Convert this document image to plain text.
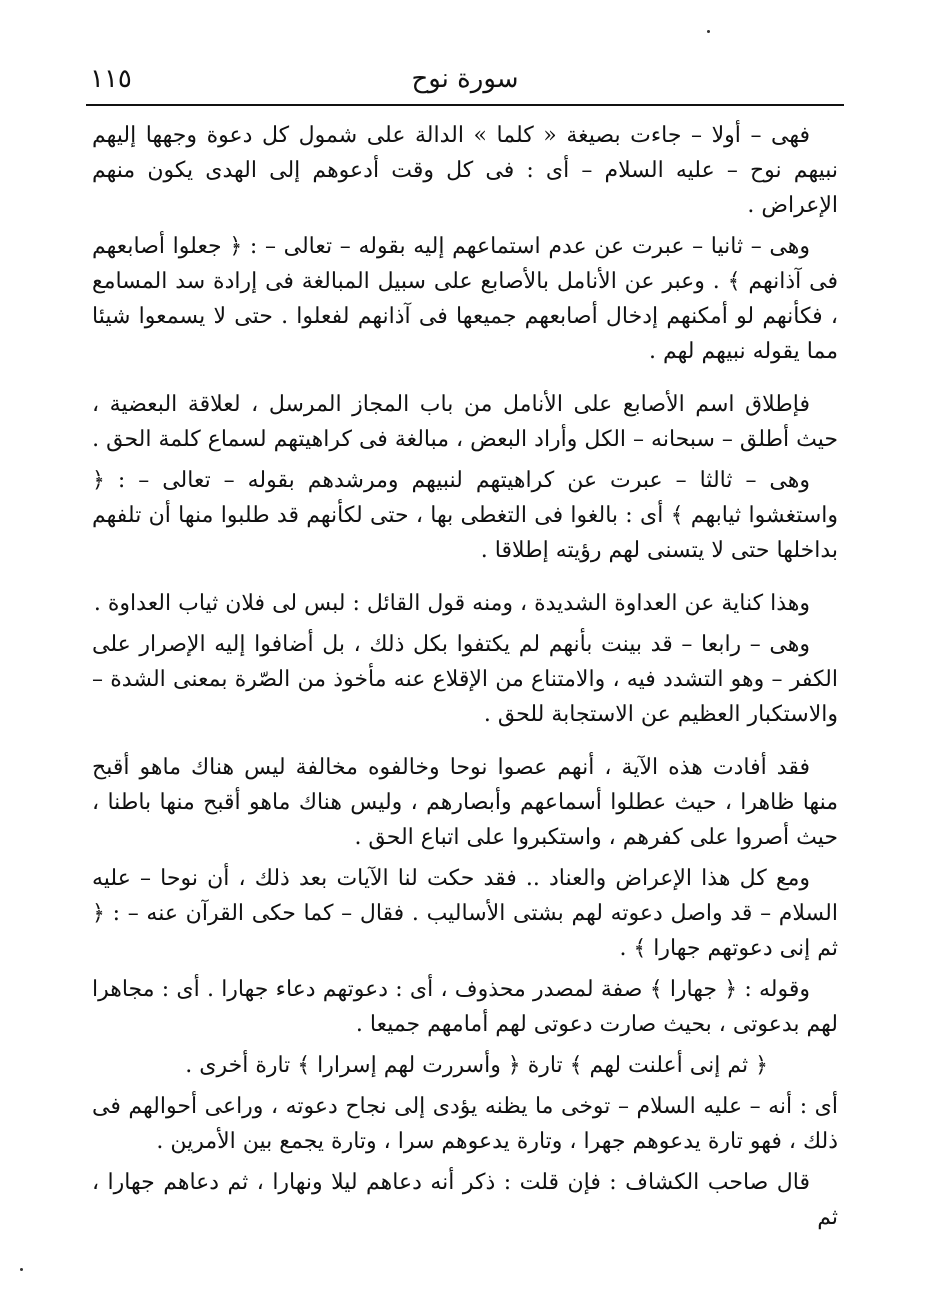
١١٥	سورة نوح

فهى – أولا – جاءت بصيغة « كلما » الدالة على شمول كل دعوة وجهها إليهم نبيهم نوح – عليه السلام – أى : فى كل وقت أدعوهم إلى الهدى يكون منهم الإعراض .

وهى – ثانيا – عبرت عن عدم استماعهم إليه بقوله – تعالى – : ﴿ جعلوا أصابعهم فى آذانهم ﴾ . وعبر عن الأنامل بالأصابع على سبيل المبالغة فى إرادة سد المسامع ، فكأنهم لو أمكنهم إدخال أصابعهم جميعها فى آذانهم لفعلوا . حتى لا يسمعوا شيئا مما يقوله نبيهم لهم .

فإطلاق اسم الأصابع على الأنامل من باب المجاز المرسل ، لعلاقة البعضية ، حيث أطلق – سبحانه – الكل وأراد البعض ، مبالغة فى كراهيتهم لسماع كلمة الحق .

وهى – ثالثا – عبرت عن كراهيتهم لنبيهم ومرشدهم بقوله – تعالى – : ﴿ واستغشوا ثيابهم ﴾ أى : بالغوا فى التغطى بها ، حتى لكأنهم قد طلبوا منها أن تلفهم بداخلها حتى لا يتسنى لهم رؤيته إطلاقا .

وهذا كناية عن العداوة الشديدة ، ومنه قول القائل : لبس لى فلان ثياب العداوة .

وهى – رابعا – قد بينت بأنهم لم يكتفوا بكل ذلك ، بل أضافوا إليه الإصرار على الكفر – وهو التشدد فيه ، والامتناع من الإقلاع عنه مأخوذ من الصّرة بمعنى الشدة – والاستكبار العظيم عن الاستجابة للحق .

فقد أفادت هذه الآية ، أنهم عصوا نوحا وخالفوه مخالفة ليس هناك ماهو أقبح منها ظاهرا ، حيث عطلوا أسماعهم وأبصارهم ، وليس هناك ماهو أقبح منها باطنا ، حيث أصروا على كفرهم ، واستكبروا على اتباع الحق .

ومع كل هذا الإعراض والعناد .. فقد حكت لنا الآيات بعد ذلك ، أن نوحا – عليه السلام – قد واصل دعوته لهم بشتى الأساليب . فقال – كما حكى القرآن عنه – : ﴿ ثم إنى دعوتهم جهارا ﴾ .

وقوله : ﴿ جهارا ﴾ صفة لمصدر محذوف ، أى : دعوتهم دعاء جهارا . أى : مجاهرا لهم بدعوتى ، بحيث صارت دعوتى لهم أمامهم جميعا .

﴿ ثم إنى أعلنت لهم ﴾ تارة ﴿ وأسررت لهم إسرارا ﴾ تارة أخرى .

أى : أنه – عليه السلام – توخى ما يظنه يؤدى إلى نجاح دعوته ، وراعى أحوالهم فى ذلك ، فهو تارة يدعوهم جهرا ، وتارة يدعوهم سرا ، وتارة يجمع بين الأمرين .

قال صاحب الكشاف : فإن قلت : ذكر أنه دعاهم ليلا ونهارا ، ثم دعاهم جهارا ، ثم
